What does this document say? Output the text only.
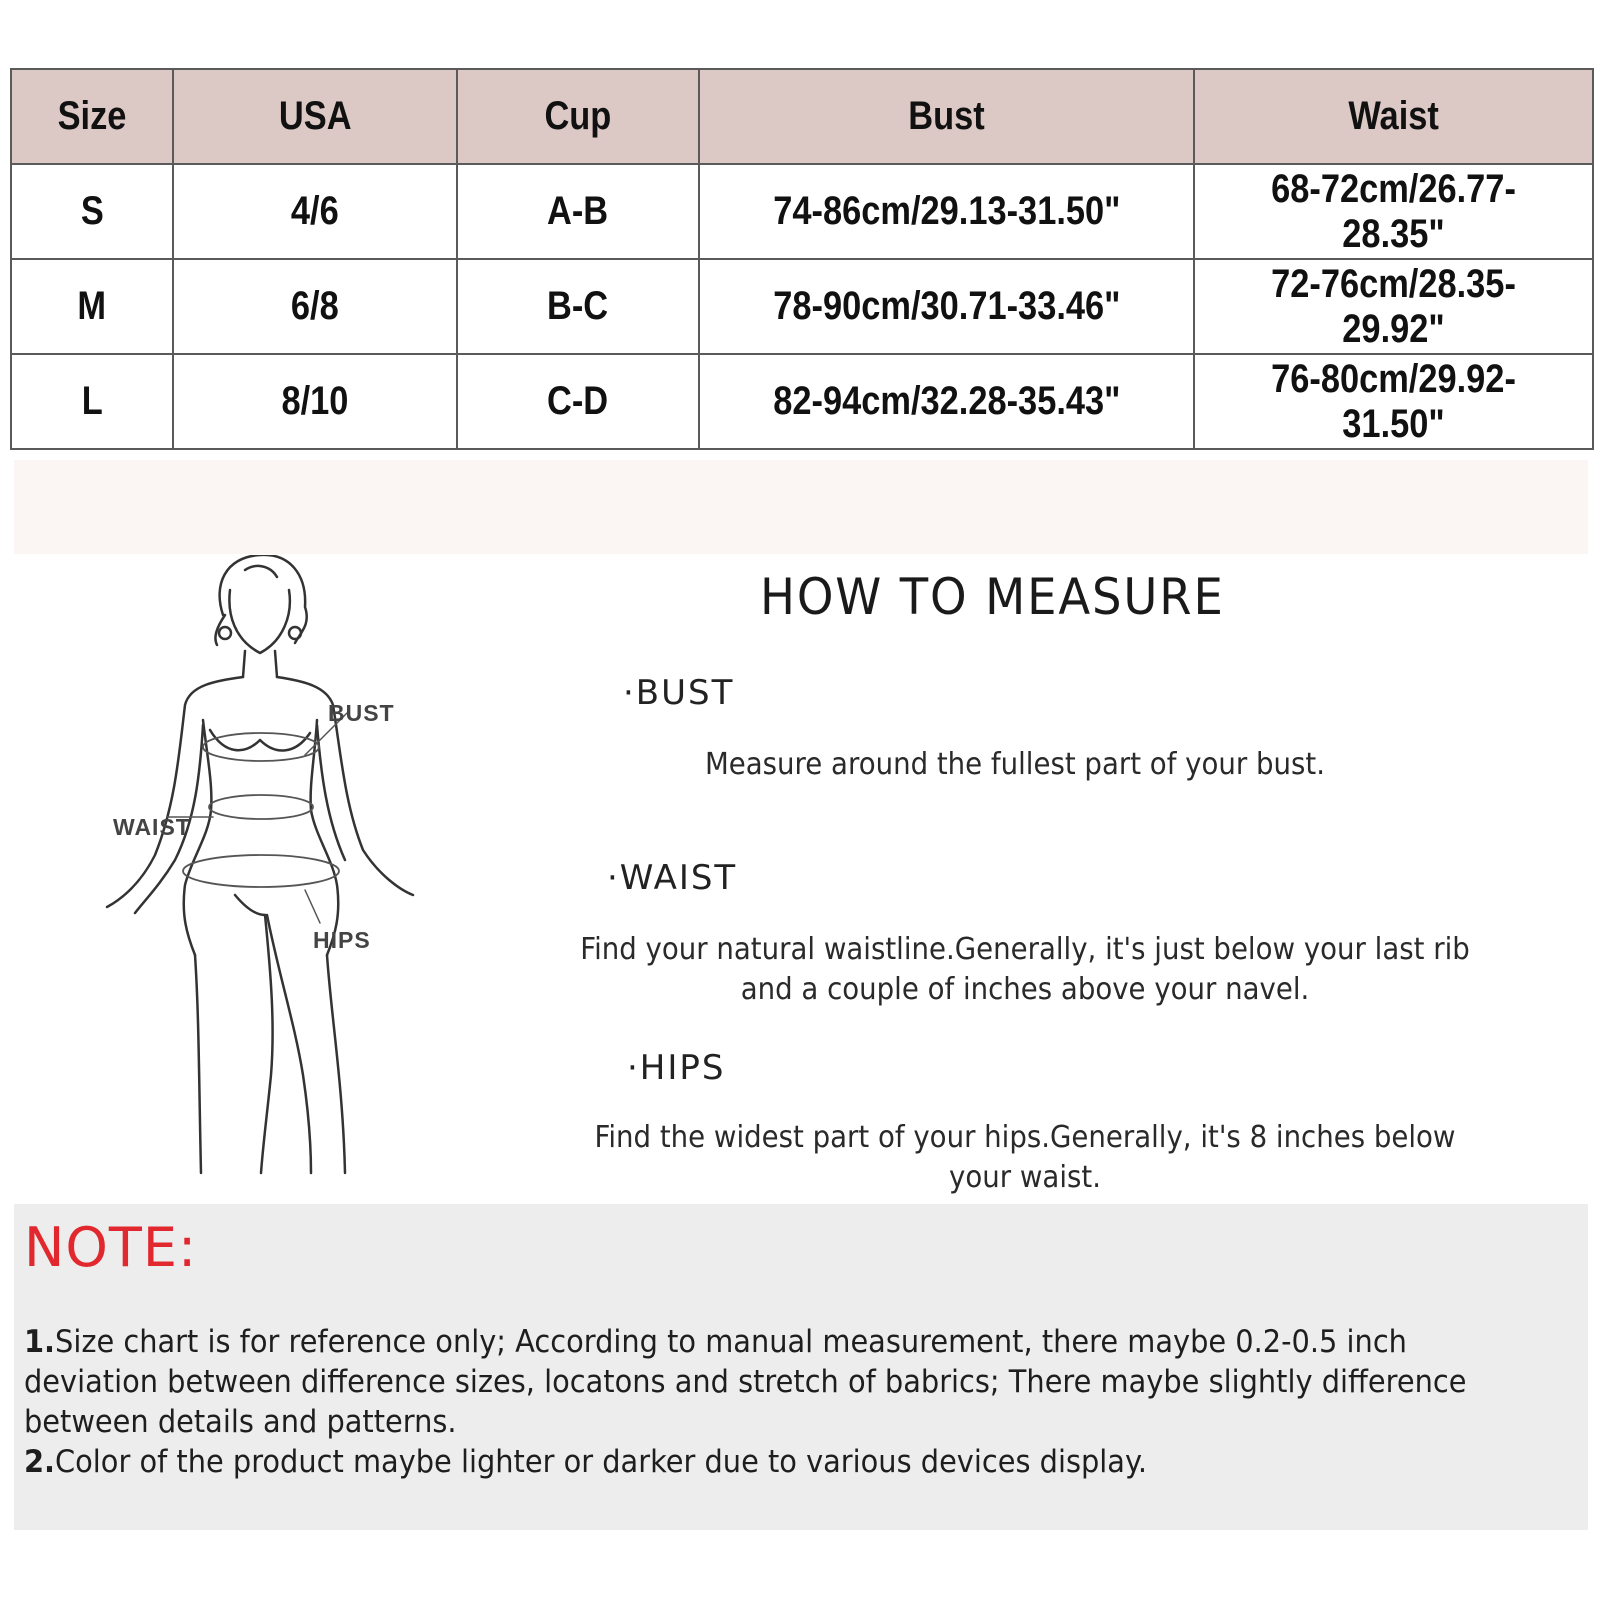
Size	USA	Cup	Bust	Waist
S	4/6	A-B	74-86cm/29.13-31.50"	68-72cm/26.77-28.35"
M	6/8	B-C	78-90cm/30.71-33.46"	72-76cm/28.35-29.92"
L	8/10	C-D	82-94cm/32.28-35.43"	76-80cm/29.92-31.50"
BUST
WAIST
HIPS
HOW TO MEASURE
·BUST
Measure around the fullest part of your bust.
·WAIST
Find your natural waistline.Generally, it's just below your last rib
and a couple of inches above your navel.
·HIPS
Find the widest part of your hips.Generally, it's 8 inches below
your waist.
NOTE:
1.Size chart is for reference only; According to manual measurement, there maybe 0.2-0.5 inch
deviation between difference sizes, locatons and stretch of babrics; There maybe slightly difference
between details and patterns.
2.Color of the product maybe lighter or darker due to various devices display.
